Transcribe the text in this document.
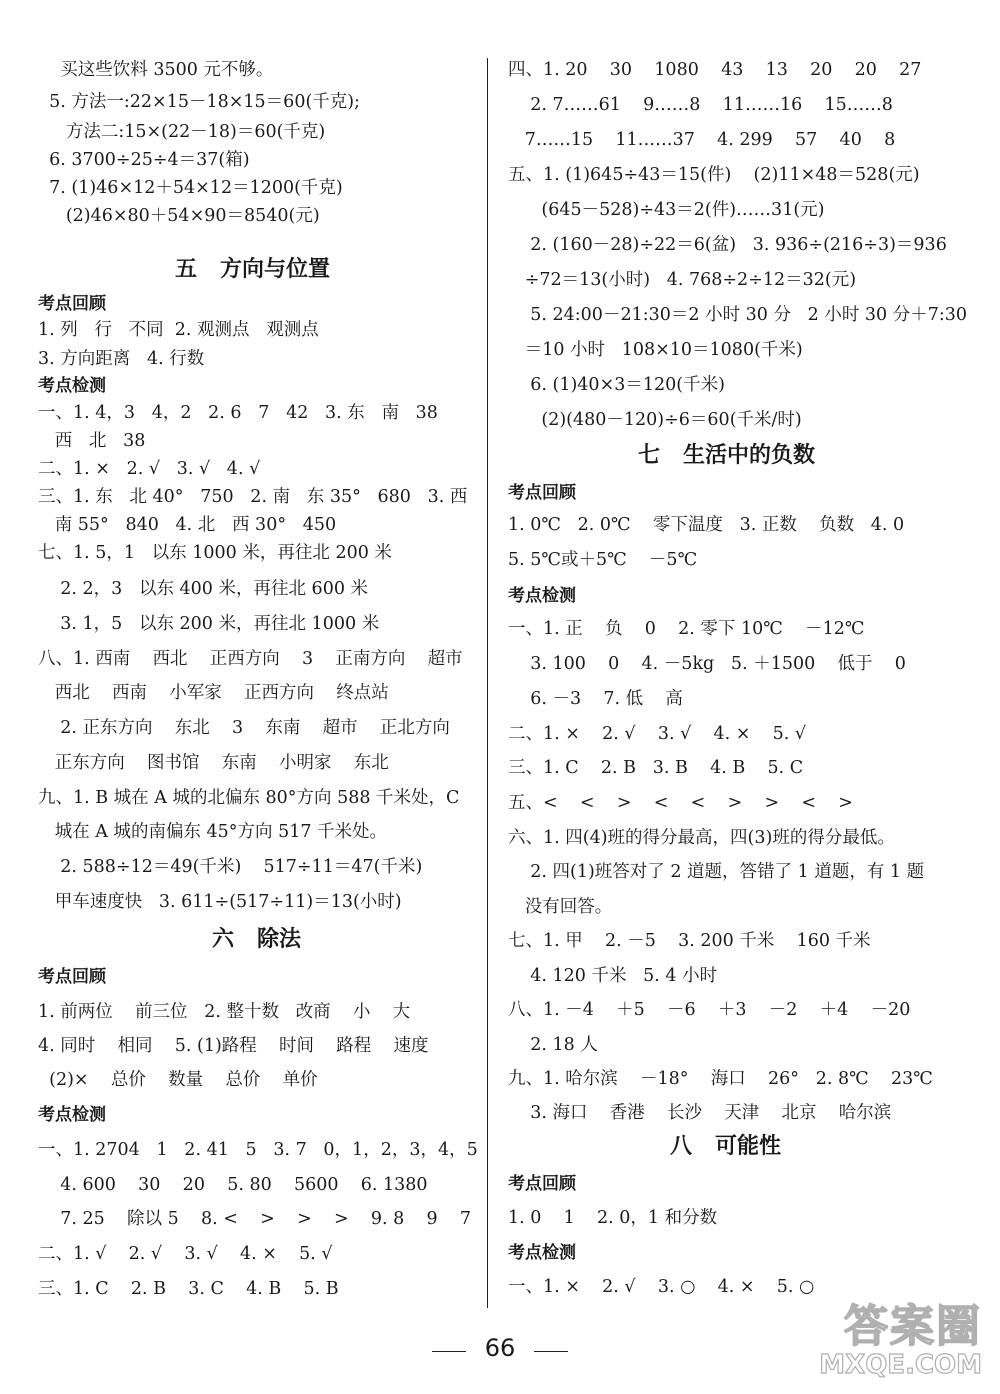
买这些饮料 3500 元不够。
5. 方法一:22×15－18×15＝60(千克);
方法二:15×(22－18)＝60(千克)
6. 3700÷25÷4＝37(箱)
7. (1)46×12＋54×12＝1200(千克)
(2)46×80＋54×90＝8540(元)
五   方向与位置
考点回顾
1. 列   行   不同  2. 观测点   观测点
3. 方向距离   4. 行数
考点检测
一、1. 4，3   4，2   2. 6   7   42   3. 东   南   38
西   北   38
二、1. ×   2. √   3. √   4. √
三、1. 东   北 40°   750   2. 南   东 35°   680   3. 西
南 55°   840   4. 北   西 30°   450
七、1. 5，1   以东 1000 米，再往北 200 米
2. 2，3   以东 400 米，再往北 600 米
3. 1，5   以东 200 米，再往北 1000 米
八、1. 西南    西北    正西方向    3    正南方向    超市
西北    西南    小军家    正西方向    终点站
2. 正东方向    东北    3    东南    超市    正北方向
正东方向    图书馆    东南    小明家    东北
九、1. B 城在 A 城的北偏东 80°方向 588 千米处，C
城在 A 城的南偏东 45°方向 517 千米处。
2. 588÷12＝49(千米)    517÷11＝47(千米)
甲车速度快   3. 611÷(517÷11)＝13(小时)
六   除法
考点回顾
1. 前两位    前三位   2. 整十数   改商    小    大
4. 同时    相同    5. (1)路程    时间    路程    速度
(2)×    总价    数量    总价    单价
考点检测
一、1. 2704   1   2. 41   5   3. 7   0，1，2，3，4，5
4. 600    30    20    5. 80    5600    6. 1380
7. 25    除以 5    8. <    >    >    >    9. 8    9    7
二、1. √    2. √    3. √    4. ×    5. √
三、1. C    2. B    3. C    4. B    5. B
四、1. 20    30    1080    43    13    20    20    27
2. 7……61    9……8    11……16    15……8
7……15    11……37    4. 299    57    40    8
五、1. (1)645÷43＝15(件)    (2)11×48＝528(元)
(645－528)÷43＝2(件)……31(元)
2. (160－28)÷22＝6(盆)   3. 936÷(216÷3)＝936
÷72＝13(小时)   4. 768÷2÷12＝32(元)
5. 24:00－21:30＝2 小时 30 分   2 小时 30 分＋7:30
＝10 小时   108×10＝1080(千米)
6. (1)40×3＝120(千米)
(2)(480－120)÷6＝60(千米/时)
七   生活中的负数
考点回顾
1. 0℃   2. 0℃    零下温度   3. 正数    负数   4. 0
5. 5℃或＋5℃    －5℃
考点检测
一、1. 正    负    0    2. 零下 10℃    －12℃
3. 100    0    4. －5kg   5. ＋1500    低于    0
6. －3    7. 低    高
二、1. ×    2. √    3. √    4. ×    5. √
三、1. C    2. B   3. B    4. B    5. C
五、<    <    >    <    <    >    >    <    >
六、1. 四(4)班的得分最高，四(3)班的得分最低。
2. 四(1)班答对了 2 道题，答错了 1 道题，有 1 题
没有回答。
七、1. 甲    2. －5    3. 200 千米    160 千米
4. 120 千米   5. 4 小时
八、1. －4    ＋5    －6    ＋3    －2    ＋4    －20
2. 18 人
九、1. 哈尔滨    －18°    海口    26°   2. 8℃    23℃
3. 海口    香港    长沙    天津    北京    哈尔滨
八   可能性
考点回顾
1. 0    1    2. 0，1 和分数
考点检测
一、1. ×    2. √    3. ○    4. ×    5. ○
66	答案圈
MXQE.COM
